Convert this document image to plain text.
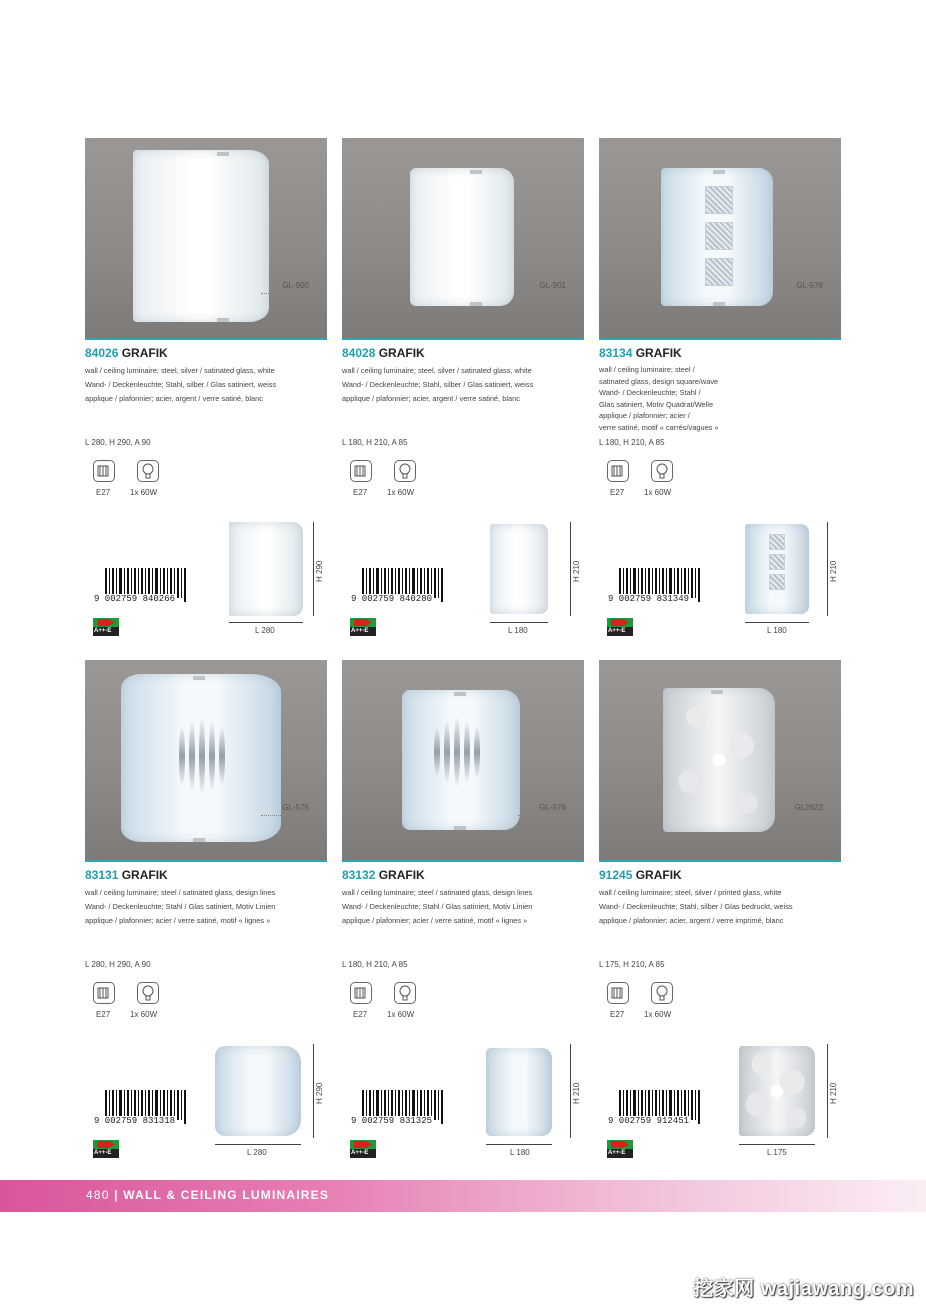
GL-900
84026 GRAFIK
wall / ceiling luminaire; steel, silver / satinated glass, white
Wand- / Deckenleuchte; Stahl, silber / Glas satiniert, weiss
applique / plafonnier; acier, argent / verre satiné, blanc
L 280, H 290, A 90
E27 1x 60W
9 002759 840266
A++-E
H 290
L 280
GL-901
84028 GRAFIK
wall / ceiling luminaire; steel, silver / satinated glass, white
Wand- / Deckenleuchte; Stahl, silber / Glas satiniert, weiss
applique / plafonnier; acier, argent / verre satiné, blanc
L 180, H 210, A 85
E27 1x 60W
9 002759 840280
A++-E
H 210
L 180
GL-578
83134 GRAFIK
wall / ceiling luminaire; steel /
satinated glass, design square/wave
Wand- / Deckenleuchte; Stahl /
Glas satiniert, Motiv Quadrat/Welle
applique / plafonnier; acier /
verre satiné, motif « carrés/vagues »
L 180, H 210, A 85
E27 1x 60W
9 002759 831349
A++-E
H 210
L 180
GL-575
83131 GRAFIK
wall / ceiling luminaire; steel / satinated glass, design lines
Wand- / Deckenleuchte; Stahl / Glas satiniert, Motiv Linien
applique / plafonnier; acier / verre satiné, motif « lignes »
L 280, H 290, A 90
E27 1x 60W
9 002759 831318
A++-E
H 290
L 280
GL-576
83132 GRAFIK
wall / ceiling luminaire; steel / satinated glass, design lines
Wand- / Deckenleuchte; Stahl / Glas satiniert, Motiv Linien
applique / plafonnier; acier / verre satiné, motif « lignes »
L 180, H 210, A 85
E27 1x 60W
9 002759 831325
A++-E
H 210
L 180
GL2623
91245 GRAFIK
wall / ceiling luminaire; steel, silver / printed glass, white
Wand- / Deckenleuchte; Stahl, silber / Glas bedruckt, weiss
applique / plafonnier; acier, argent / verre imprimé, blanc
L 175, H 210, A 85
E27 1x 60W
9 002759 912451
A++-E
H 210
L 175
480 | WALL & CEILING LUMINAIRES
挖家网 wajiawang.com
